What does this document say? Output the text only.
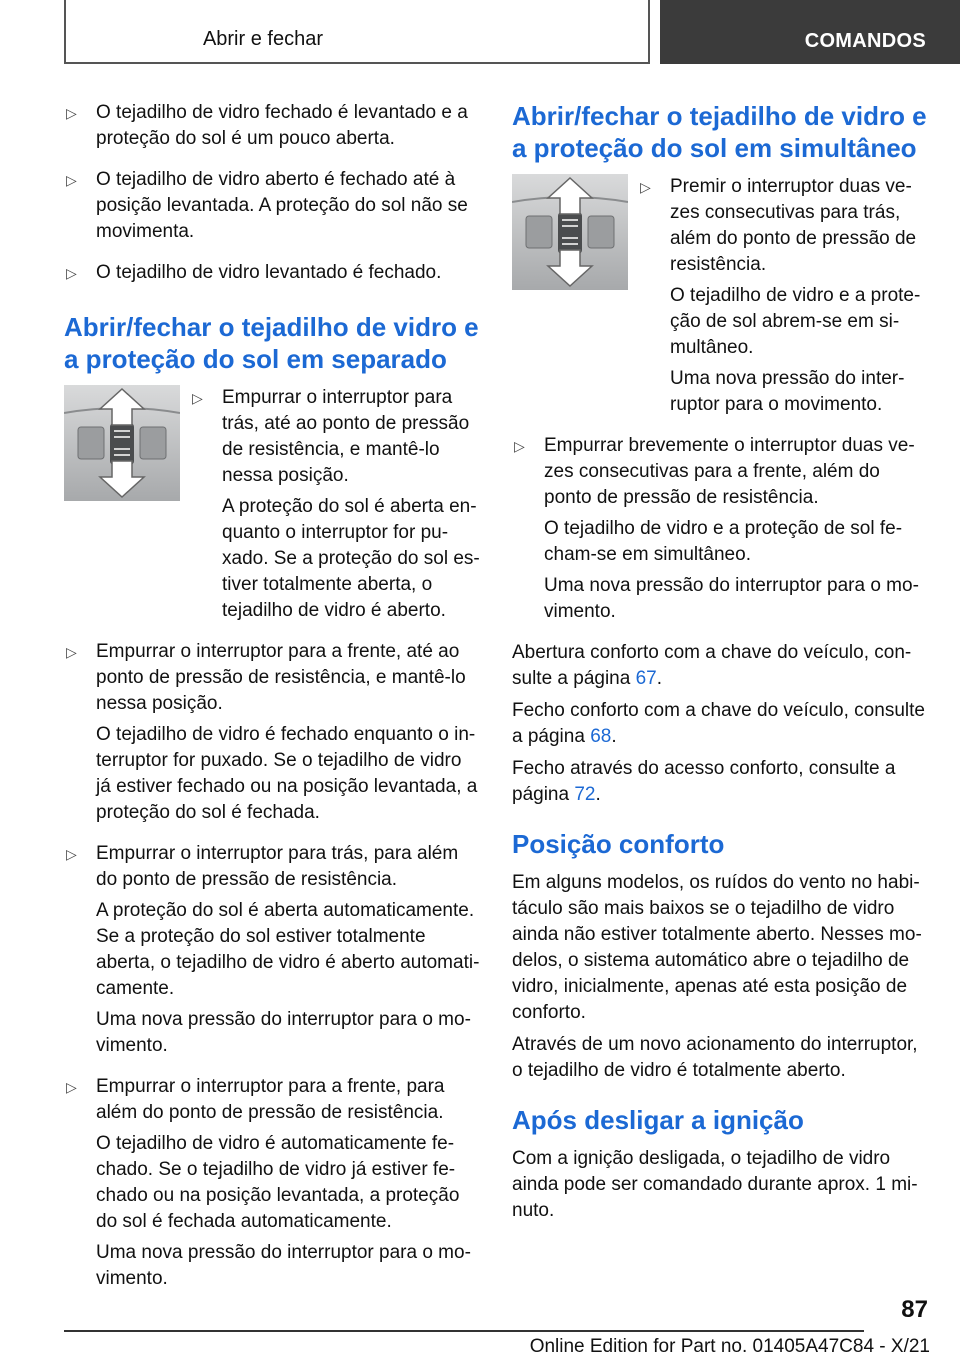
Abrir e fechar	COMANDOS
▷	O tejadilho de vidro fechado é levantado e a proteção do sol é um pouco aberta.

▷	O tejadilho de vidro aberto é fechado até à posição levantada. A proteção do sol não se movimenta.

▷	O tejadilho de vidro levantado é fechado.

Abrir/fechar o tejadilho de vidro e a proteção do sol em separado
▷	Empurrar o interruptor para trás, até ao ponto de pressão de resistência, e mantê-lo nessa posição.

A proteção do sol é aberta en- quanto o interruptor for pu- xado. Se a proteção do sol es- tiver totalmente aberta, o tejadilho de vidro é aberto.

▷	Empurrar o interruptor para a frente, até ao ponto de pressão de resistência, e mantê-lo nessa posição.

O tejadilho de vidro é fechado enquanto o in- terruptor for puxado. Se o tejadilho de vidro já estiver fechado ou na posição levantada, a proteção do sol é fechada.

▷	Empurrar o interruptor para trás, para além do ponto de pressão de resistência.

A proteção do sol é aberta automaticamente. Se a proteção do sol estiver totalmente aberta, o tejadilho de vidro é aberto automati- camente.

Uma nova pressão do interruptor para o mo- vimento.

▷	Empurrar o interruptor para a frente, para além do ponto de pressão de resistência.

O tejadilho de vidro é automaticamente fe- chado. Se o tejadilho de vidro já estiver fe- chado ou na posição levantada, a proteção do sol é fechada automaticamente.

Uma nova pressão do interruptor para o mo- vimento.

Abrir/fechar o tejadilho de vidro e a proteção do sol em simultâneo
▷	Premir o interruptor duas ve- zes consecutivas para trás, além do ponto de pressão de resistência.

O tejadilho de vidro e a prote- ção de sol abrem-se em si- multâneo.

Uma nova pressão do inter- ruptor para o movimento.

▷	Empurrar brevemente o interruptor duas ve- zes consecutivas para a frente, além do ponto de pressão de resistência.

O tejadilho de vidro e a proteção de sol fe- cham-se em simultâneo.

Uma nova pressão do interruptor para o mo- vimento.

Abertura conforto com a chave do veículo, con- sulte a página 67.

Fecho conforto com a chave do veículo, consulte a página 68.

Fecho através do acesso conforto, consulte a página 72.

Posição conforto

Em alguns modelos, os ruídos do vento no habi- táculo são mais baixos se o tejadilho de vidro ainda não estiver totalmente aberto. Nesses mo- delos, o sistema automático abre o tejadilho de vidro, inicialmente, apenas até esta posição de conforto.

Através de um novo acionamento do interruptor, o tejadilho de vidro é totalmente aberto.

Após desligar a ignição

Com a ignição desligada, o tejadilho de vidro ainda pode ser comandado durante aprox. 1 mi- nuto.

87
Online Edition for Part no. 01405A47C84 - X/21
